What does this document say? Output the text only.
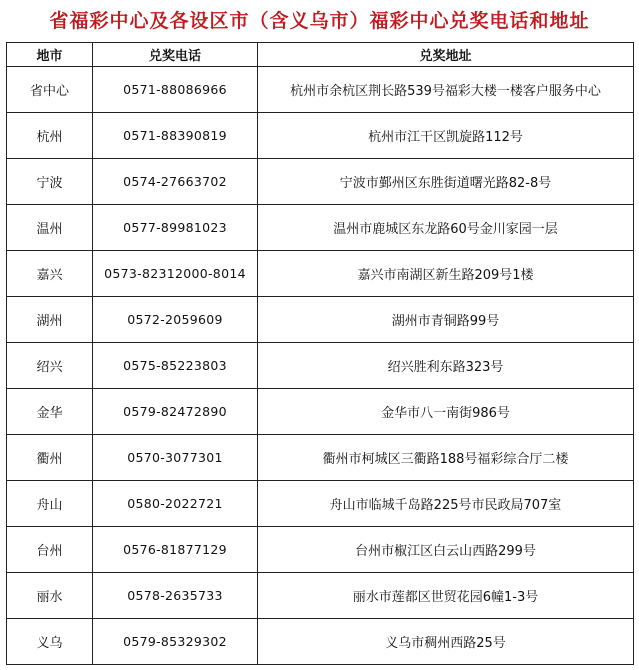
省福彩中心及各设区市（含义乌市）福彩中心兑奖电话和地址
地市	兑奖电话	兑奖地址
省中心	0571-88086966	杭州市余杭区荆长路539号福彩大楼一楼客户服务中心
杭州	0571-88390819	杭州市江干区凯旋路112号
宁波	0574-27663702	宁波市鄞州区东胜街道曙光路82-8号
温州	0577-89981023	温州市鹿城区东龙路60号金川家园一层
嘉兴	0573-82312000-8014	嘉兴市南湖区新生路209号1楼
湖州	0572-2059609	湖州市青铜路99号
绍兴	0575-85223803	绍兴胜利东路323号
金华	0579-82472890	金华市八一南街986号
衢州	0570-3077301	衢州市柯城区三衢路188号福彩综合厅二楼
舟山	0580-2022721	舟山市临城千岛路225号市民政局707室
台州	0576-81877129	台州市椒江区白云山西路299号
丽水	0578-2635733	丽水市莲都区世贸花园6幢1-3号
义乌	0579-85329302	义乌市稠州西路25号
